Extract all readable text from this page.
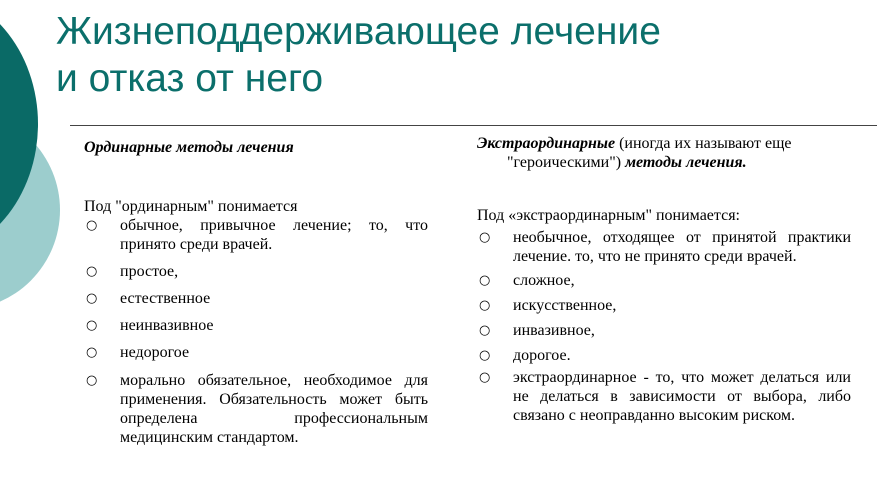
Жизнеподдерживающее лечение
и отказ от него

Ординарные методы лечения

Под "ординарным" понимается

○ обычное, привычное лечение; то, что принято среди врачей.
○ простое,
○ естественное
○ неинвазивное
○ недорогое
○ морально обязательное, необходимое для применения. Обязательность может быть определена профессиональным медицинским стандартом.

Экстраординарные (иногда их называют еще
"героическими") методы лечения.

Под «экстраординарным" понимается:

○ необычное, отходящее от принятой практики лечение. то, что не принято среди врачей.
○ сложное,
○ искусственное,
○ инвазивное,
○ дорогое.
○ экстраординарное - то, что может делаться или не делаться в зависимости от выбора, либо связано с неоправданно высоким риском.
